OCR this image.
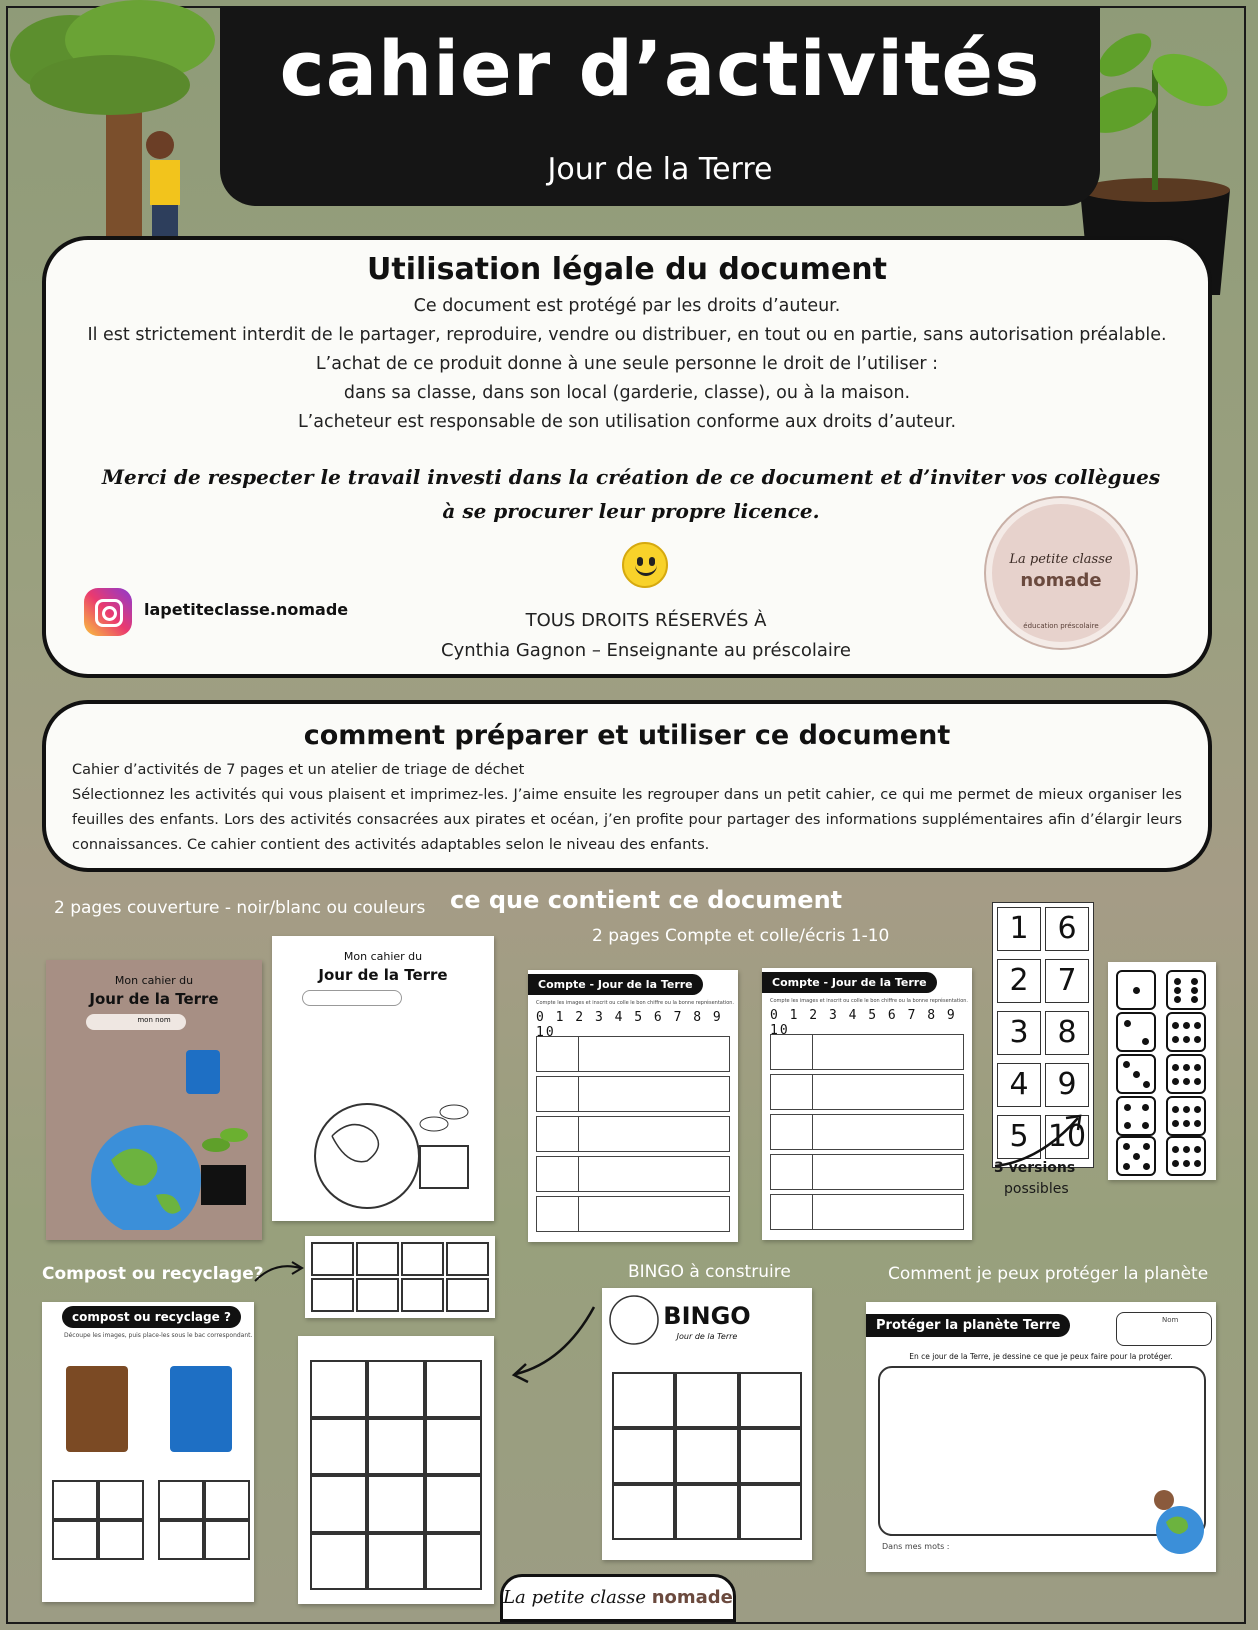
cahier d’activités
Jour de la Terre
Utilisation légale du document
Ce document est protégé par les droits d’auteur.
Il est strictement interdit de le partager, reproduire, vendre ou distribuer, en tout ou en partie, sans autorisation préalable.
L’achat de ce produit donne à une seule personne le droit de l’utiliser :
dans sa classe, dans son local (garderie, classe), ou à la maison.
L’acheteur est responsable de son utilisation conforme aux droits d’auteur.
Merci de respecter le travail investi dans la création de ce document et d’inviter vos collègues
à se procurer leur propre licence.
lapetiteclasse.nomade
TOUS DROITS RÉSERVÉS À
Cynthia Gagnon – Enseignante au préscolaire
La petite classe
nomade
éducation préscolaire
comment préparer et utiliser ce document
Cahier d’activités de 7 pages et un atelier de triage de déchet
Sélectionnez les activités qui vous plaisent et imprimez-les. J’aime ensuite les regrouper dans un petit cahier, ce qui me permet de mieux organiser les feuilles des enfants. Lors des activités consacrées aux pirates et océan, j’en profite pour partager des informations supplémentaires afin d’élargir leurs connaissances. Ce cahier contient des activités adaptables selon le niveau des enfants.
2 pages couverture - noir/blanc ou couleurs ce que contient ce document
2 pages Compte et colle/écris 1-10
Mon cahier du
Jour de la Terre
mon nom
Mon cahier du
Jour de la Terre
Compte - Jour de la Terre
Compte les images et inscrit ou colle le bon chiffre ou la bonne représentation.
0 1 2 3 4 5 6 7 8 9 10
Compte - Jour de la Terre
Compte les images et inscrit ou colle le bon chiffre ou la bonne représentation.
0 1 2 3 4 5 6 7 8 9 10
1 6
2 7
3 8
4 9
5 10
3 versions
possibles
Compost ou recyclage?
compost ou recyclage ?
Découpe les images, puis place-les sous le bac correspondant.
BINGO à construire
BINGO
Jour de la Terre
Comment je peux protéger la planète
Protéger la planète Terre	Nom
En ce jour de la Terre, je dessine ce que je peux faire pour la protéger.
Dans mes mots :
La petite classe nomade
